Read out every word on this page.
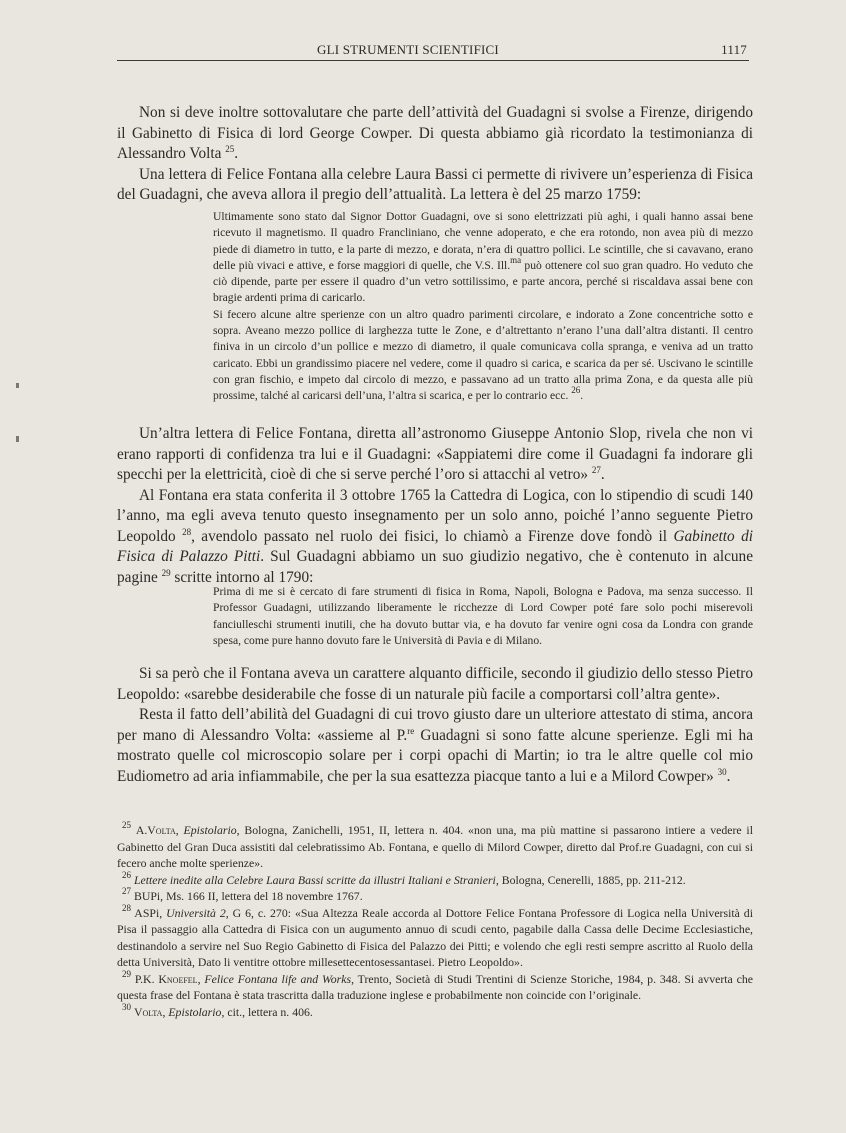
GLI STRUMENTI SCIENTIFICI	1117

Non si deve inoltre sottovalutare che parte dell’attività del Guadagni si svolse a Firenze, dirigendo il Gabinetto di Fisica di lord George Cowper. Di questa abbiamo già ricordato la testimonianza di Alessandro Volta $^{25}$.

Una lettera di Felice Fontana alla celebre Laura Bassi ci permette di rivivere un’esperienza di Fisica del Guadagni, che aveva allora il pregio dell’attualità. La lettera è del 25 marzo 1759:

Ultimamente sono stato dal Signor Dottor Guadagni, ove si sono elettrizzati più aghi, i quali hanno assai bene ricevuto il magnetismo. Il quadro Francliniano, che venne adoperato, e che era rotondo, non avea più di mezzo piede di diametro in tutto, e la parte di mezzo, e dorata, n’era di quattro pollici. Le scintille, che si cavavano, erano delle più vivaci e attive, e forse maggiori di quelle, che V.S. Ill.$^{ma}$ può ottenere col suo gran quadro. Ho veduto che ciò dipende, parte per essere il quadro d’un vetro sottilissimo, e parte ancora, perché si riscaldava assai bene con bragie ardenti prima di caricarlo.

Si fecero alcune altre sperienze con un altro quadro parimenti circolare, e indorato a Zone concentriche sotto e sopra. Aveano mezzo pollice di larghezza tutte le Zone, e d’altrettanto n’erano l’una dall’altra distanti. Il centro finiva in un circolo d’un pollice e mezzo di diametro, il quale comunicava colla spranga, e veniva ad un tratto caricato. Ebbi un grandissimo piacere nel vedere, come il quadro si carica, e scarica da per sé. Uscivano le scintille con gran fischio, e impeto dal circolo di mezzo, e passavano ad un tratto alla prima Zona, e da questa alle più prossime, talché al caricarsi dell’una, l’altra si scarica, e per lo contrario ecc. $^{26}$.

Un’altra lettera di Felice Fontana, diretta all’astronomo Giuseppe Antonio Slop, rivela che non vi erano rapporti di confidenza tra lui e il Guadagni: «Sappiatemi dire come il Guadagni fa indorare gli specchi per la elettricità, cioè di che si serve perché l’oro si attacchi al vetro» $^{27}$.

Al Fontana era stata conferita il 3 ottobre 1765 la Cattedra di Logica, con lo stipendio di scudi 140 l’anno, ma egli aveva tenuto questo insegnamento per un solo anno, poiché l’anno seguente Pietro Leopoldo $^{28}$, avendolo passato nel ruolo dei fisici, lo chiamò a Firenze dove fondò il Gabinetto di Fisica di Palazzo Pitti. Sul Guadagni abbiamo un suo giudizio negativo, che è contenuto in alcune pagine $^{29}$ scritte intorno al 1790:

Prima di me si è cercato di fare strumenti di fisica in Roma, Napoli, Bologna e Padova, ma senza successo. Il Professor Guadagni, utilizzando liberamente le ricchezze di Lord Cowper poté fare solo pochi miserevoli fanciulleschi strumenti inutili, che ha dovuto buttar via, e ha dovuto far venire ogni cosa da Londra con grande spesa, come pure hanno dovuto fare le Università di Pavia e di Milano.

Si sa però che il Fontana aveva un carattere alquanto difficile, secondo il giudizio dello stesso Pietro Leopoldo: «sarebbe desiderabile che fosse di un naturale più facile a comportarsi coll’altra gente».

Resta il fatto dell’abilità del Guadagni di cui trovo giusto dare un ulteriore attestato di stima, ancora per mano di Alessandro Volta: «assieme al P.$^{re}$ Guadagni si sono fatte alcune sperienze. Egli mi ha mostrato quelle col microscopio solare per i corpi opachi di Martin; io tra le altre quelle col mio Eudiometro ad aria infiammabile, che per la sua esattezza piacque tanto a lui e a Milord Cowper» $^{30}$.

$^{25}$ A.Volta, Epistolario, Bologna, Zanichelli, 1951, II, lettera n. 404. «non una, ma più mattine si passarono intiere a vedere il Gabinetto del Gran Duca assistiti dal celebratissimo Ab. Fontana, e quello di Milord Cowper, diretto dal Prof.re Guadagni, con cui si fecero anche molte sperienze».

$^{26}$ Lettere inedite alla Celebre Laura Bassi scritte da illustri Italiani e Stranieri, Bologna, Cenerelli, 1885, pp. 211-212.

$^{27}$ BUPi, Ms. 166 II, lettera del 18 novembre 1767.

$^{28}$ ASPi, Università 2, G 6, c. 270: «Sua Altezza Reale accorda al Dottore Felice Fontana Professore di Logica nella Università di Pisa il passaggio alla Cattedra di Fisica con un augumento annuo di scudi cento, pagabile dalla Cassa delle Decime Ecclesiastiche, destinandolo a servire nel Suo Regio Gabinetto di Fisica del Palazzo dei Pitti; e volendo che egli resti sempre ascritto al Ruolo della detta Università, Dato li ventitre ottobre millesettecentosessantasei. Pietro Leopoldo».

$^{29}$ P.K. Knoefel, Felice Fontana life and Works, Trento, Società di Studi Trentini di Scienze Storiche, 1984, p. 348. Si avverta che questa frase del Fontana è stata trascritta dalla traduzione inglese e probabilmente non coincide con l’originale.

$^{30}$ Volta, Epistolario, cit., lettera n. 406.
